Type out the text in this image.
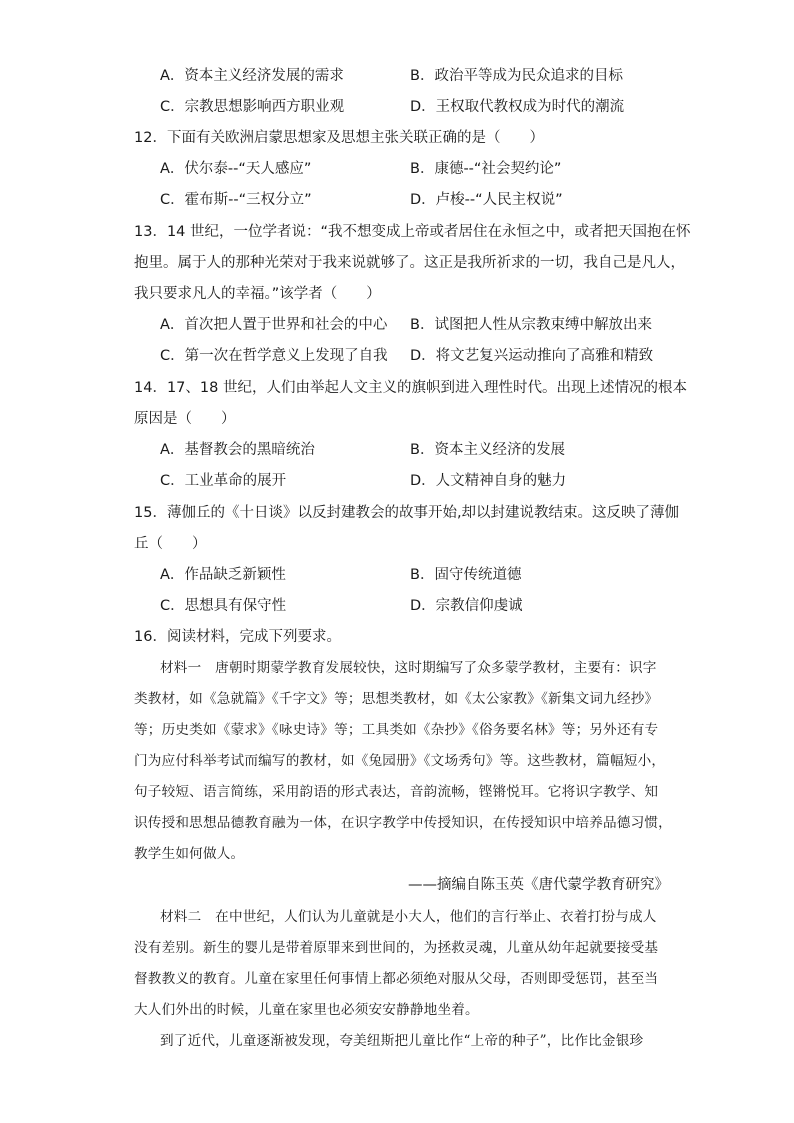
A．资本主义经济发展的需求	B．政治平等成为民众追求的目标
C．宗教思想影响西方职业观	D．王权取代教权成为时代的潮流
12．下面有关欧洲启蒙思想家及思想主张关联正确的是（　　）
A．伏尔泰--“天人感应”	B．康德--“社会契约论”
C．霍布斯--“三权分立”	D．卢梭--“人民主权说”
13．14 世纪，一位学者说：“我不想变成上帝或者居住在永恒之中，或者把天国抱在怀
抱里。属于人的那种光荣对于我来说就够了。这正是我所祈求的一切，我自己是凡人，
我只要求凡人的幸福。”该学者（　　）
A．首次把人置于世界和社会的中心 B．试图把人性从宗教束缚中解放出来
C．第一次在哲学意义上发现了自我 D．将文艺复兴运动推向了高雅和精致
14．17、18 世纪，人们由举起人文主义的旗帜到进入理性时代。出现上述情况的根本
原因是（　　）
A．基督教会的黑暗统治	B．资本主义经济的发展
C．工业革命的展开	D．人文精神自身的魅力
15．薄伽丘的《十日谈》以反封建教会的故事开始,却以封建说教结束。这反映了薄伽
丘（　　）
A．作品缺乏新颖性	B．固守传统道德
C．思想具有保守性	D．宗教信仰虔诚
16．阅读材料，完成下列要求。
材料一　唐朝时期蒙学教育发展较快，这时期编写了众多蒙学教材，主要有：识字
类教材，如《急就篇》《千字文》等；思想类教材，如《太公家教》《新集文词九经抄》
等；历史类如《蒙求》《咏史诗》等；工具类如《杂抄》《俗务要名林》等；另外还有专
门为应付科举考试而编写的教材，如《兔园册》《文场秀句》等。这些教材，篇幅短小，
句子较短、语言简练，采用韵语的形式表达，音韵流畅，铿锵悦耳。它将识字教学、知
识传授和思想品德教育融为一体，在识字教学中传授知识，在传授知识中培养品德习惯，
教学生如何做人。
——摘编自陈玉英《唐代蒙学教育研究》
材料二　在中世纪，人们认为儿童就是小大人，他们的言行举止、衣着打扮与成人
没有差别。新生的婴儿是带着原罪来到世间的，为拯救灵魂，儿童从幼年起就要接受基
督教教义的教育。儿童在家里任何事情上都必须绝对服从父母，否则即受惩罚，甚至当
大人们外出的时候，儿童在家里也必须安安静静地坐着。
到了近代，儿童逐渐被发现，夸美纽斯把儿童比作“上帝的种子”，比作比金银珍
